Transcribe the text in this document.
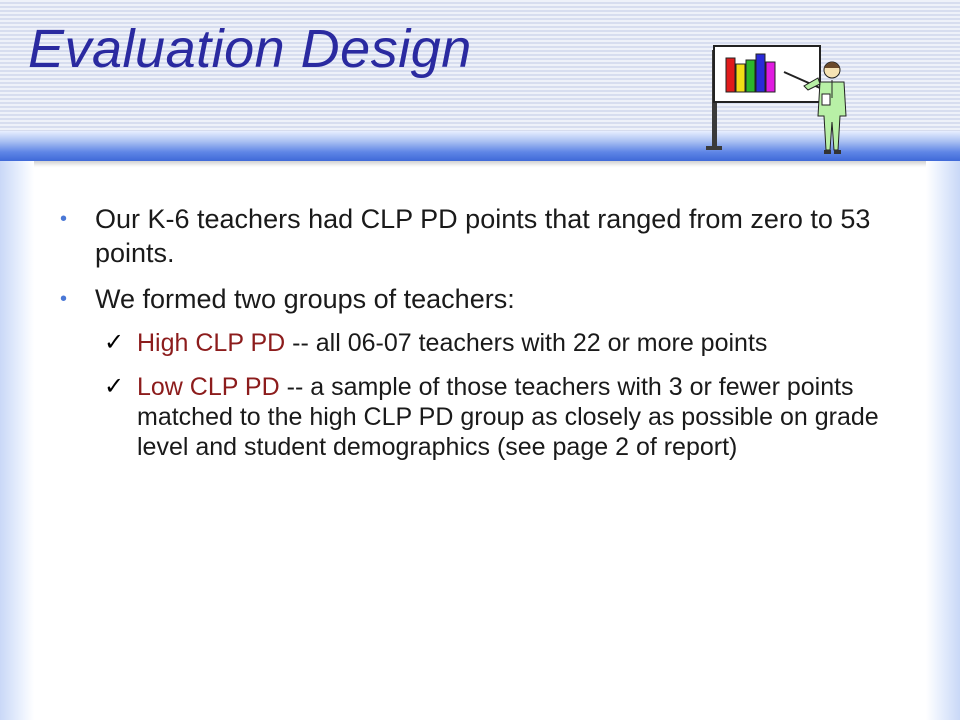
Evaluation Design
• Our K-6 teachers had CLP PD points that ranged from zero to 53 points.
• We formed two groups of teachers:
✓ High CLP PD -- all 06-07 teachers with 22 or more points
✓ Low CLP PD -- a sample of those teachers with 3 or fewer points matched to the high CLP PD group as closely as possible on grade level and student demographics (see page 2 of report)
